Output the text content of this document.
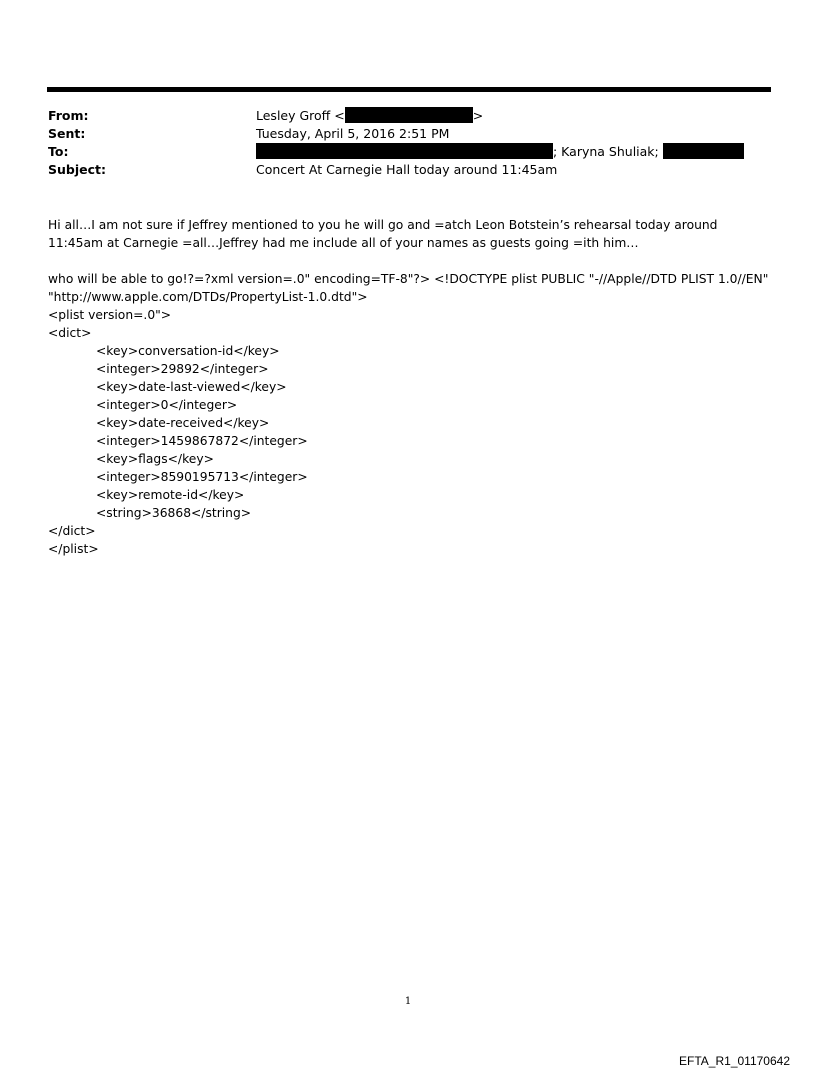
From:	Lesley Groff <	>
Sent:	Tuesday, April 5, 2016 2:51 PM
To:	; Karyna Shuliak;
Subject:	Concert At Carnegie Hall today around 11:45am

Hi all…I am not sure if Jeffrey mentioned to you he will go and =atch Leon Botstein’s rehearsal today around 11:45am at Carnegie =all…Jeffrey had me include all of your names as guests going =ith him…

who will be able to go!?=?xml version=.0" encoding=TF-8"?> <!DOCTYPE plist PUBLIC "-//Apple//DTD PLIST 1.0//EN" "http://www.apple.com/DTDs/PropertyList-1.0.dtd">

<plist version=.0">

<dict>

<key>conversation-id</key>

<integer>29892</integer>

<key>date-last-viewed</key>

<integer>0</integer>

<key>date-received</key>

<integer>1459867872</integer>

<key>flags</key>

<integer>8590195713</integer>

<key>remote-id</key>

<string>36868</string>

</dict>

</plist>

1
EFTA_R1_01170642
